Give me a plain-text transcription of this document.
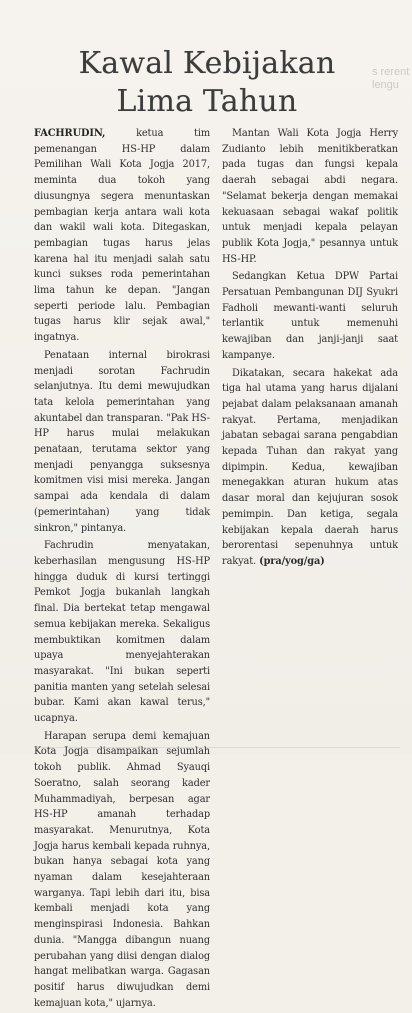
s rerent
lengu
Kawal Kebijakan
Lima Tahun

FACHRUDIN,	ketua tim pemenangan HS-HP dalam Pemilihan Wali Kota Jogja 2017, meminta dua tokoh yang diusungnya segera menuntaskan pembagian kerja antara wali kota dan wakil wali kota. Ditegaskan, pembagian tugas harus jelas karena hal itu menjadi salah satu kunci sukses roda pemerintahan lima tahun ke depan. "Jangan seperti periode lalu. Pembagian tugas harus klir sejak awal," ingatnya.

Penataan internal birokrasi menjadi sorotan Fachrudin selanjutnya. Itu demi mewujudkan tata kelola pemerintahan yang akuntabel dan transparan. "Pak HS-HP harus mulai melakukan penataan, terutama sektor yang menjadi penyangga suksesnya komitmen visi misi mereka. Jangan sampai ada kendala di dalam (pemerintahan) yang tidak sinkron," pintanya.

Fachrudin menyatakan, keberhasilan mengusung HS-HP hingga duduk di kursi tertinggi Pemkot Jogja bukanlah langkah final. Dia bertekat tetap mengawal semua kebijakan mereka. Sekaligus membuktikan komitmen dalam upaya menyejahterakan masyarakat. "Ini bukan seperti panitia manten yang setelah selesai bubar. Kami akan kawal terus," ucapnya.

Harapan serupa demi kemajuan Kota Jogja disampaikan sejumlah tokoh publik. Ahmad Syauqi Soeratno, salah seorang kader Muhammadiyah, berpesan agar HS-HP amanah terhadap masyarakat. Menurutnya, Kota Jogja harus kembali kepada ruhnya, bukan hanya sebagai kota yang nyaman dalam kesejahteraan warganya. Tapi lebih dari itu, bisa kembali menjadi kota yang menginspirasi Indonesia. Bahkan dunia. "Mangga dibangun nuang perubahan yang diisi dengan dialog hangat melibatkan warga. Gagasan positif harus diwujudkan demi kemajuan kota," ujarnya.

Mantan Wali Kota Jogja Herry Zudianto lebih menitikberatkan pada tugas dan fungsi kepala daerah sebagai abdi negara. "Selamat bekerja dengan memakai kekuasaan sebagai wakaf politik untuk menjadi kepala pelayan publik Kota Jogja," pesannya untuk HS-HP.

Sedangkan Ketua DPW Partai Persatuan Pembangunan DIJ Syukri Fadholi mewanti-wanti seluruh terlantik untuk memenuhi kewajiban dan janji-janji saat kampanye.

Dikatakan, secara hakekat ada tiga hal utama yang harus dijalani pejabat dalam pelaksanaan amanah rakyat. Pertama, menjadikan jabatan sebagai sarana pengabdian kepada Tuhan dan rakyat yang dipimpin. Kedua, kewajiban menegakkan aturan hukum atas dasar moral dan kejujuran sosok pemimpin. Dan ketiga, segala kebijakan kepala daerah harus berorentasi sepenuhnya untuk rakyat. (pra/yog/ga)
